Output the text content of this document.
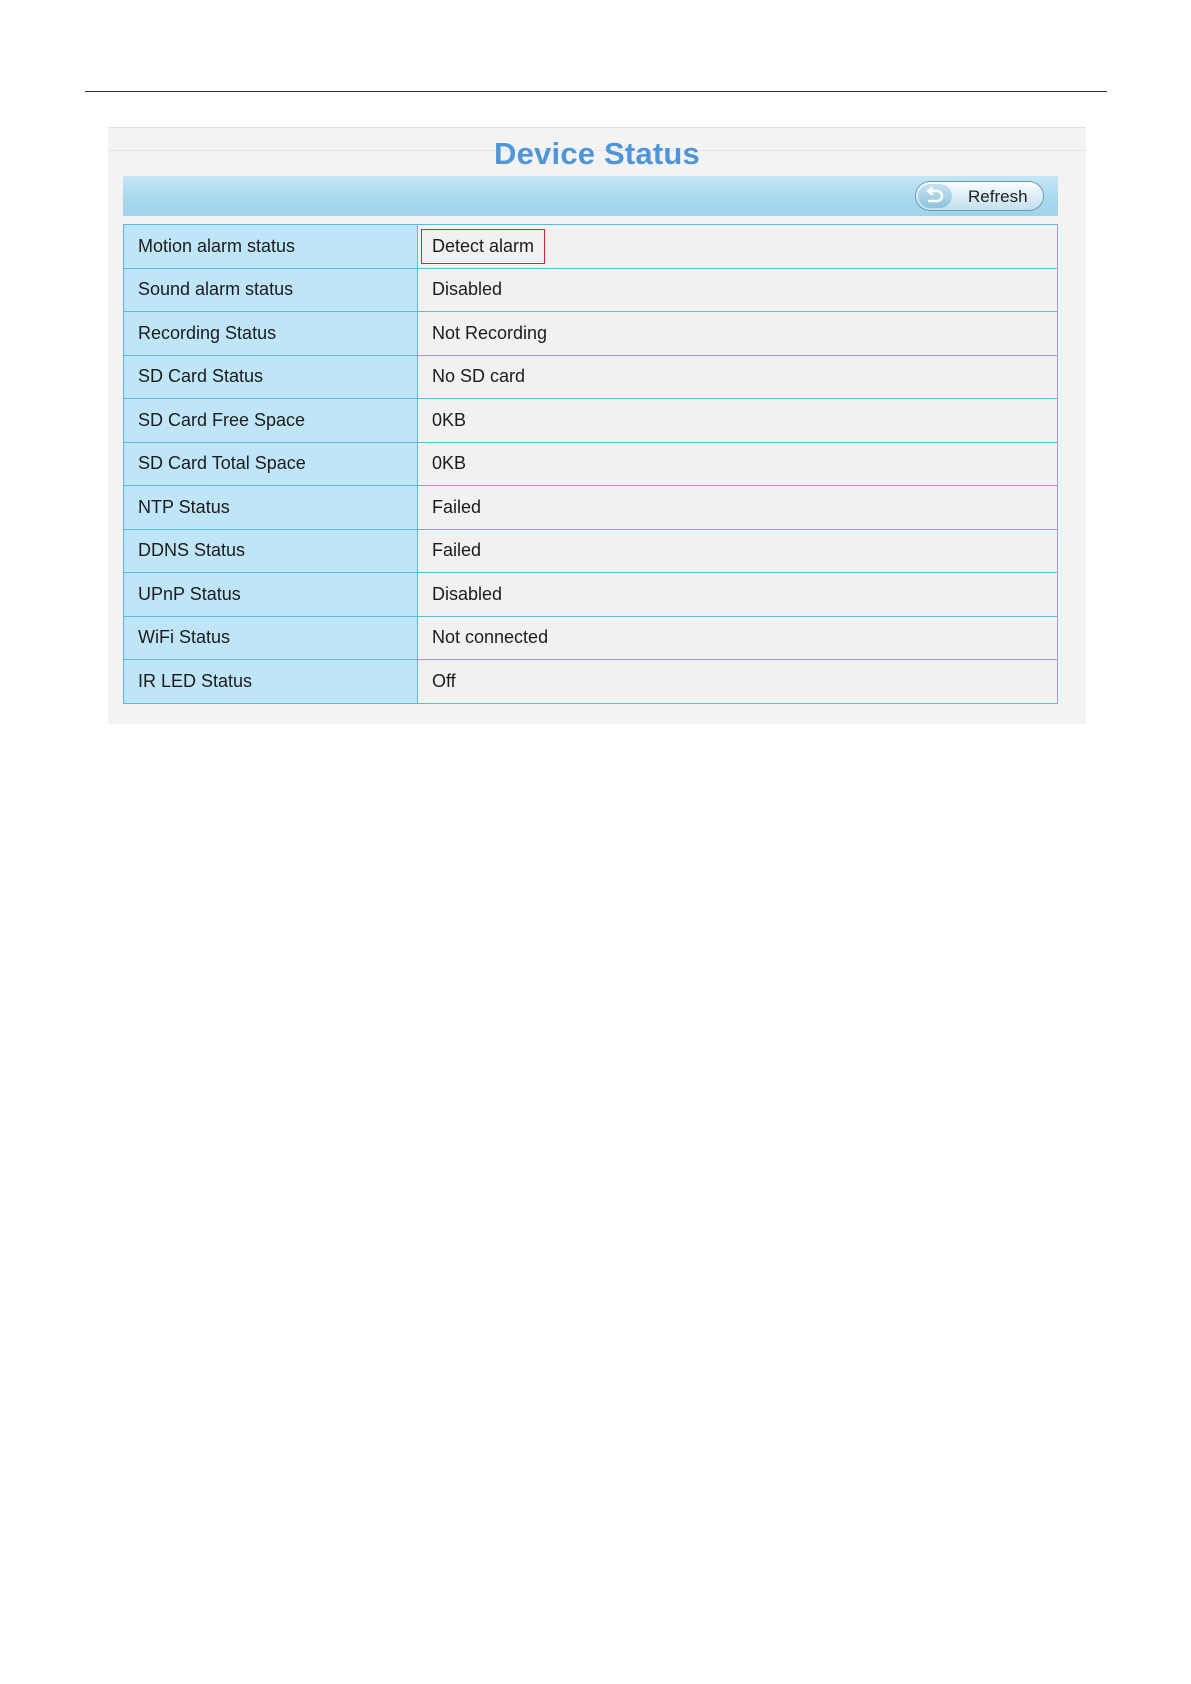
Device Status
Refresh
Motion alarm status	Detect alarm
Sound alarm status	Disabled
Recording Status	Not Recording
SD Card Status	No SD card
SD Card Free Space	0KB
SD Card Total Space	0KB
NTP Status	Failed
DDNS Status	Failed
UPnP Status	Disabled
WiFi Status	Not connected
IR LED Status	Off
